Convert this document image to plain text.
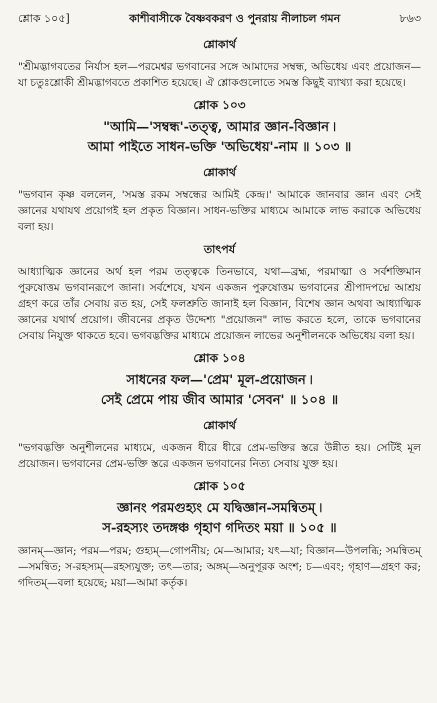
শ্লোক ১০৫]	কাশীবাসীকে বৈষ্ণবকরণ ও পুনরায় নীলাচল গমন	৮৬৩
শ্লোকার্থ

"শ্রীমদ্ভাগবতের নির্যাস হল—পরমেশ্বর ভগবানের সঙ্গে আমাদের সম্বন্ধ, অভিধেয় এবং প্রয়োজন—যা চতুঃশ্লোকী শ্রীমদ্ভাগবতে প্রকাশিত হয়েছে। ঐ শ্লোকগুলোতে সমস্ত কিছুই ব্যাখ্যা করা হয়েছে।

শ্লোক ১০৩
"আমি—'সম্বন্ধ'-তত্ত্ব, আমার জ্ঞান-বিজ্ঞান ৷
আমা পাইতে সাধন-ভক্তি 'অভিধেয়'-নাম ॥ ১০৩ ॥
শ্লোকার্থ

"ভগবান কৃষ্ণ বললেন, 'সমস্ত রকম সম্বন্ধের আমিই কেন্দ্র।' আমাকে জানবার জ্ঞান এবং সেই জ্ঞানের যথাযথ প্রয়োগই হল প্রকৃত বিজ্ঞান। সাধন-ভক্তির মাধ্যমে আমাকে লাভ করাকে অভিধেয় বলা হয়।

তাৎপর্য

আধ্যাত্মিক জ্ঞানের অর্থ হল পরম তত্ত্বকে তিনভাবে, যথা—ব্রহ্ম, পরমাত্মা ও সর্বশক্তিমান পুরুষোত্তম ভগবানরূপে জানা। সর্বশেষে, যখন একজন পুরুষোত্তম ভগবানের শ্রীপাদপদ্মে আশ্রয় গ্রহণ করে তাঁর সেবায় রত হয়, সেই ফলশ্রুতি জানাই হল বিজ্ঞান, বিশেষ জ্ঞান অথবা আধ্যাত্মিক জ্ঞানের যথার্থ প্রয়োগ। জীবনের প্রকৃত উদ্দেশ্য "প্রয়োজন" লাভ করতে হলে, তাকে ভগবানের সেবায় নিযুক্ত থাকতে হবে। ভগবদ্ভক্তির মাধ্যমে প্রয়োজন লাভের অনুশীলনকে অভিধেয় বলা হয়।

শ্লোক ১০৪
সাধনের ফল—'প্রেম' মূল-প্রয়োজন ৷
সেই প্রেমে পায় জীব আমার 'সেবন' ॥ ১০৪ ॥
শ্লোকার্থ

"ভগবদ্ভক্তি অনুশীলনের মাধ্যমে, একজন ধীরে ধীরে প্রেম-ভক্তির স্তরে উন্নীত হয়। সেটিই মূল প্রয়োজন। ভগবানের প্রেম-ভক্তি স্তরে একজন ভগবানের নিত্য সেবায় যুক্ত হয়।

শ্লোক ১০৫
জ্ঞানং পরমগুহ্যং মে যদ্বিজ্ঞান-সমন্বিতম্ ৷
স-রহস্যং তদঙ্গঞ্চ গৃহাণ গদিতং ময়া ॥ ১০৫ ॥

জ্ঞানম্—জ্ঞান; পরম—পরম; গুহ্যম্—গোপনীয়; মে—আমার; যৎ—যা; বিজ্ঞান—উপলব্ধি; সমন্বিতম্—সমন্বিত; স-রহস্যম্—রহস্যযুক্ত; তৎ—তার; অঙ্গম্—অনুপূরক অংশ; চ—এবং; গৃহাণ—গ্রহণ কর; গদিতম্—বলা হয়েছে; ময়া—আমা কর্তৃক।
